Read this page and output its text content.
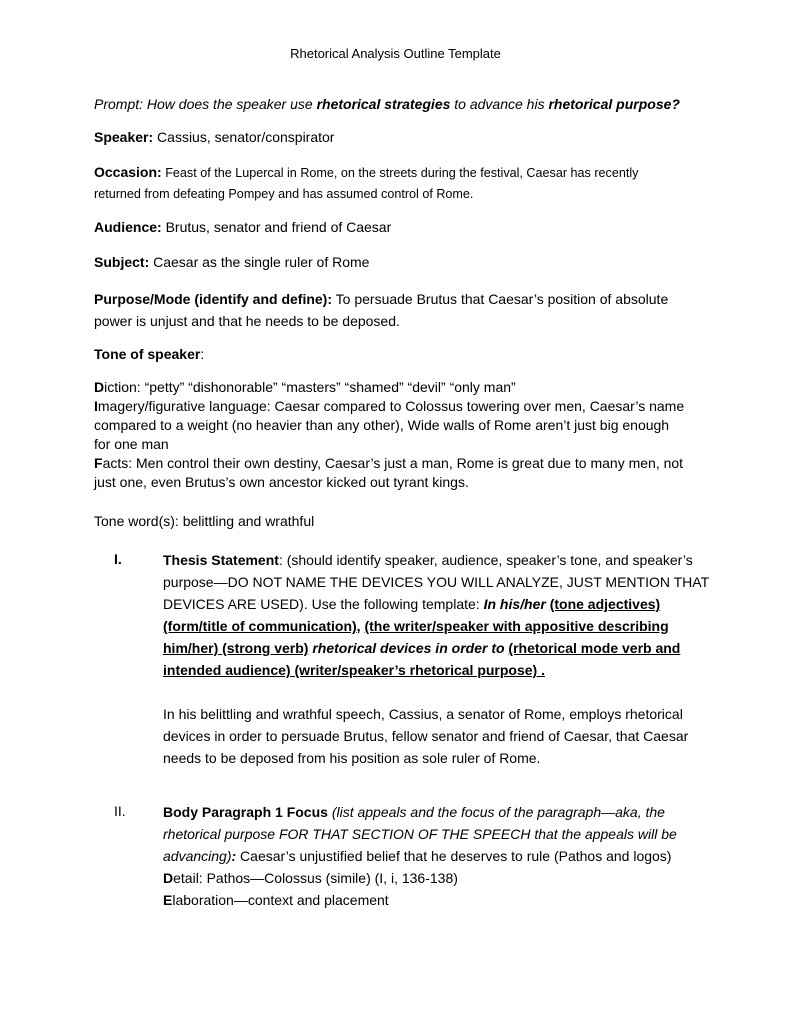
Rhetorical Analysis Outline Template
Prompt: How does the speaker use rhetorical strategies to advance his rhetorical purpose?
Speaker: Cassius, senator/conspirator
Occasion: Feast of the Lupercal in Rome, on the streets during the festival, Caesar has recently
returned from defeating Pompey and has assumed control of Rome.
Audience: Brutus, senator and friend of Caesar
Subject: Caesar as the single ruler of Rome
Purpose/Mode (identify and define): To persuade Brutus that Caesar’s position of absolute
power is unjust and that he needs to be deposed.
Tone of speaker:
Diction: “petty” “dishonorable” “masters” “shamed” “devil” “only man”
Imagery/figurative language: Caesar compared to Colossus towering over men, Caesar’s name
compared to a weight (no heavier than any other), Wide walls of Rome aren’t just big enough
for one man
Facts: Men control their own destiny, Caesar’s just a man, Rome is great due to many men, not
just one, even Brutus’s own ancestor kicked out tyrant kings.
Tone word(s): belittling and wrathful
I.	Thesis Statement: (should identify speaker, audience, speaker’s tone, and speaker’s
purpose—DO NOT NAME THE DEVICES YOU WILL ANALYZE, JUST MENTION THAT
DEVICES ARE USED). Use the following template: In his/her (tone adjectives)
(form/title of communication), (the writer/speaker with appositive describing
him/her) (strong verb) rhetorical devices in order to (rhetorical mode verb and
intended audience) (writer/speaker’s rhetorical purpose) .
In his belittling and wrathful speech, Cassius, a senator of Rome, employs rhetorical
devices in order to persuade Brutus, fellow senator and friend of Caesar, that Caesar
needs to be deposed from his position as sole ruler of Rome.
II.	Body Paragraph 1 Focus (list appeals and the focus of the paragraph—aka, the
rhetorical purpose FOR THAT SECTION OF THE SPEECH that the appeals will be
advancing): Caesar’s unjustified belief that he deserves to rule (Pathos and logos)
Detail: Pathos—Colossus (simile) (I, i, 136-138)
Elaboration—context and placement
